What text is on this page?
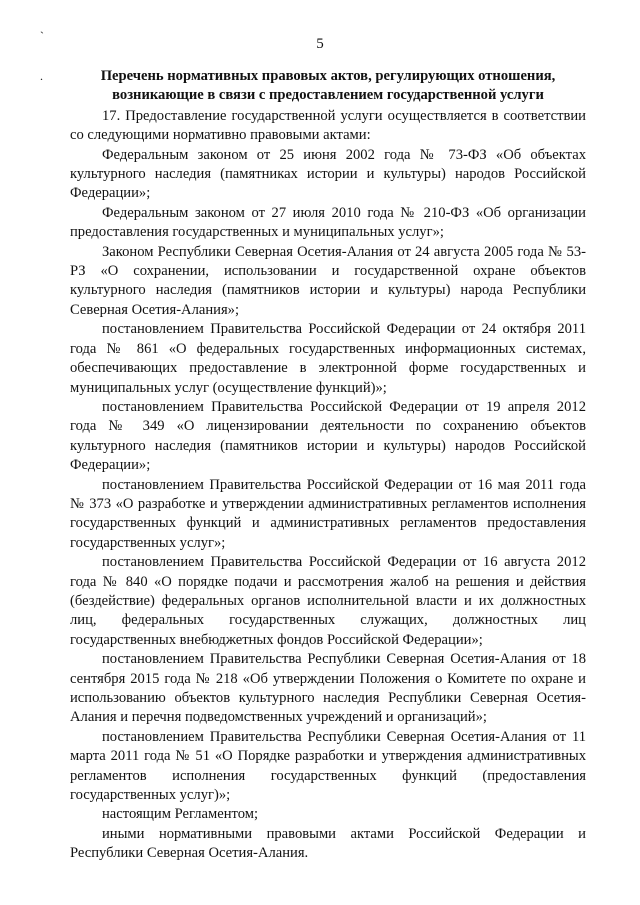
`
.
5
Перечень нормативных правовых актов, регулирующих отношения,
возникающие в связи с предоставлением государственной услуги

17. Предоставление государственной услуги осуществляется в соответствии со следующими нормативно правовыми актами:

Федеральным законом от 25 июня 2002 года № 73-ФЗ «Об объектах культурного наследия (памятниках истории и культуры) народов Российской Федерации»;

Федеральным законом от 27 июля 2010 года № 210-ФЗ «Об организации предоставления государственных и муниципальных услуг»;

Законом Республики Северная Осетия-Алания от 24 августа 2005 года № 53-РЗ «О сохранении, использовании и государственной охране объектов культурного наследия (памятников истории и культуры) народа Республики Северная Осетия-Алания»;

постановлением Правительства Российской Федерации от 24 октября 2011 года № 861 «О федеральных государственных информационных системах, обеспечивающих предоставление в электронной форме государственных и муниципальных услуг (осуществление функций)»;

постановлением Правительства Российской Федерации от 19 апреля 2012 года № 349 «О лицензировании деятельности по сохранению объектов культурного наследия (памятников истории и культуры) народов Российской Федерации»;

постановлением Правительства Российской Федерации от 16 мая 2011 года № 373 «О разработке и утверждении административных регламентов исполнения государственных функций и административных регламентов предоставления государственных услуг»;

постановлением Правительства Российской Федерации от 16 августа 2012 года № 840 «О порядке подачи и рассмотрения жалоб на решения и действия (бездействие) федеральных органов исполнительной власти и их должностных лиц, федеральных государственных служащих, должностных лиц государственных внебюджетных фондов Российской Федерации»;

постановлением Правительства Республики Северная Осетия-Алания от 18 сентября 2015 года № 218 «Об утверждении Положения о Комитете по охране и использованию объектов культурного наследия Республики Северная Осетия-Алания и перечня подведомственных учреждений и организаций»;

постановлением Правительства Республики Северная Осетия-Алания от 11 марта 2011 года № 51 «О Порядке разработки и утверждения административных регламентов исполнения государственных функций (предоставления государственных услуг)»;

настоящим Регламентом;

иными нормативными правовыми актами Российской Федерации и Республики Северная Осетия-Алания.
